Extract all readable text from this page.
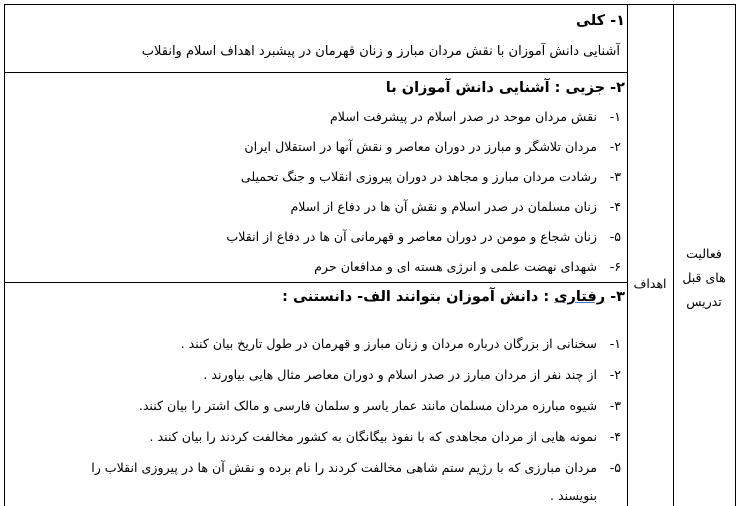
فعالیت
های قبل
تدریس
اهداف
۱- کلی
آشنایی دانش آموزان با نقش مردان مبارز و زنان قهرمان در پیشبرد اهداف اسلام وانقلاب
۲- جزیی : آشنایی دانش آموزان با
۱-نقش مردان موحد در صدر اسلام در پیشرفت اسلام
۲-مردان تلاشگر و مبارز در دوران معاصر و نقش آنها در استقلال ایران
۳-رشادت مردان مبارز و مجاهد در دوران پیروزی انقلاب و جنگ تحمیلی
۴-زنان مسلمان در صدر اسلام و نقش آن ها در دفاع از اسلام
۵-زنان شجاع و مومن در دوران معاصر و قهرمانی آن ها در دفاع از انقلاب
۶-شهدای نهضت علمی و انرژی هسته ای و مدافعان حرم
۳- رفتاری : دانش آموزان بتوانند الف- دانستنی :
۱-سخنانی از بزرگان درباره مردان و زنان مبارز و قهرمان در طول تاریخ بیان کنند .
۲-از چند نفر از مردان مبارز در صدر اسلام و دوران معاصر مثال هایی بیاورند .
۳-شیوه مبارزه مردان مسلمان مانند عمار یاسر و سلمان فارسی و مالک اشتر را بیان کنند.
۴-نمونه هایی از مردان مجاهدی که با نفوذ بیگانگان به کشور مخالفت کردند را بیان کنند .
۵-مردان مبارزی که با رژیم ستم شاهی مخالفت کردند را نام برده و نقش آن ها در پیروزی انقلاب را
بنویسند .
